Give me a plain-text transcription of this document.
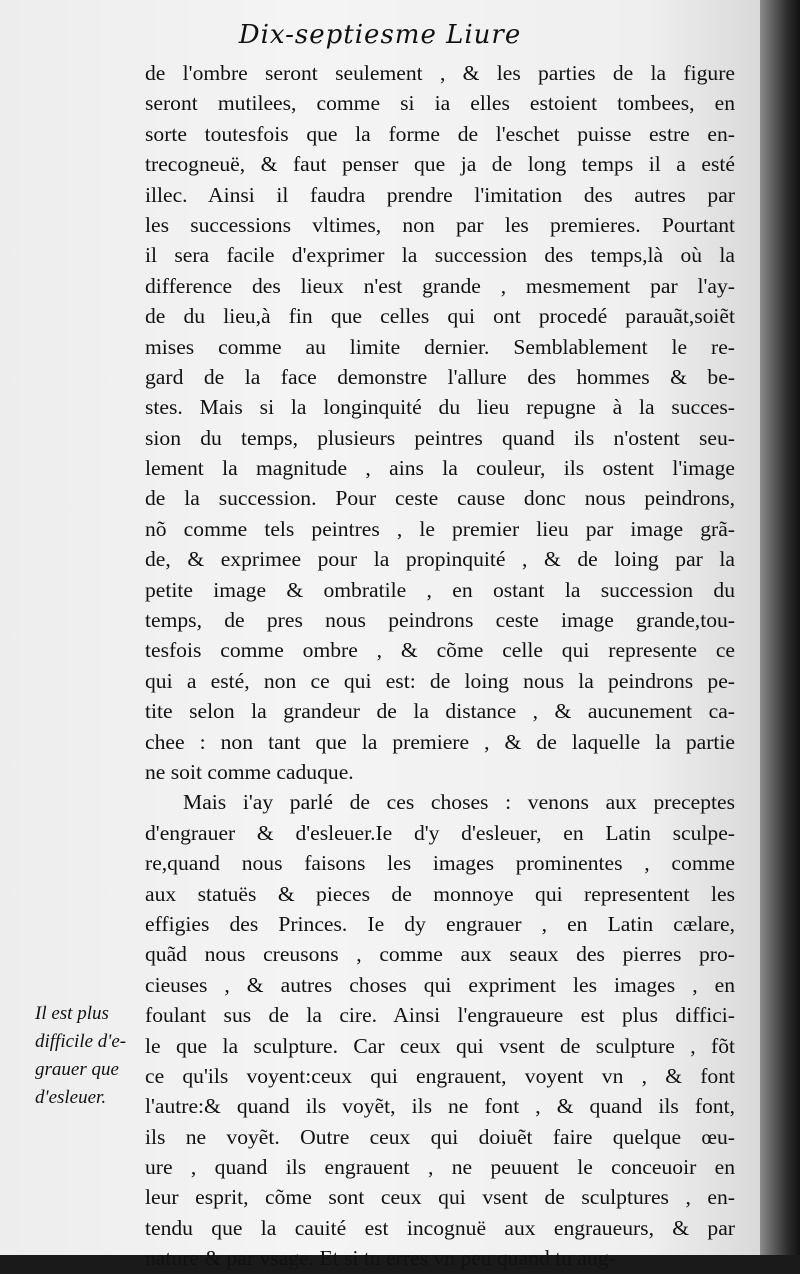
Dix-septiesme Liure
de l'ombre seront seulement , & les parties de la figure
seront mutilees, comme si ia elles estoient tombees, en
sorte toutesfois que la forme de l'eschet puisse estre en-
trecogneuë, & faut penser que ja de long temps il a esté
illec. Ainsi il faudra prendre l'imitation des autres par
les successions vltimes, non par les premieres. Pourtant
il sera facile d'exprimer la succession des temps,là où la
difference des lieux n'est grande , mesmement par l'ay-
de du lieu,à fin que celles qui ont procedé parauãt,soiẽt
mises comme au limite dernier. Semblablement le re-
gard de la face demonstre l'allure des hommes & be-
stes. Mais si la longinquité du lieu repugne à la succes-
sion du temps, plusieurs peintres quand ils n'ostent seu-
lement la magnitude , ains la couleur, ils ostent l'image
de la succession. Pour ceste cause donc nous peindrons,
nõ comme tels peintres , le premier lieu par image grã-
de, & exprimee pour la propinquité , & de loing par la
petite image & ombratile , en ostant la succession du
temps, de pres nous peindrons ceste image grande,tou-
tesfois comme ombre , & cõme celle qui represente ce
qui a esté, non ce qui est: de loing nous la peindrons pe-
tite selon la grandeur de la distance , & aucunement ca-
chee : non tant que la premiere , & de laquelle la partie
ne soit comme caduque.
Mais i'ay parlé de ces choses : venons aux preceptes
d'engrauer & d'esleuer.Ie d'y d'esleuer, en Latin sculpe-
re,quand nous faisons les images prominentes , comme
aux statuës & pieces de monnoye qui representent les
effigies des Princes. Ie dy engrauer , en Latin cælare,
quãd nous creusons , comme aux seaux des pierres pro-
cieuses , & autres choses qui expriment les images , en
foulant sus de la cire. Ainsi l'engraueure est plus diffici-
le que la sculpture. Car ceux qui vsent de sculpture , fõt
ce qu'ils voyent:ceux qui engrauent, voyent vn , & font
l'autre:& quand ils voyẽt, ils ne font , & quand ils font,
ils ne voyẽt. Outre ceux qui doiuẽt faire quelque œu-
ure , quand ils engrauent , ne peuuent le conceuoir en
leur esprit, cõme sont ceux qui vsent de sculptures , en-
tendu que la cauité est incognuë aux engraueurs, & par
nature & par vsage. Et si tu erres vn peu quand tu aug-
Il est plus
difficile d'e-
grauer que
d'esleuer.
